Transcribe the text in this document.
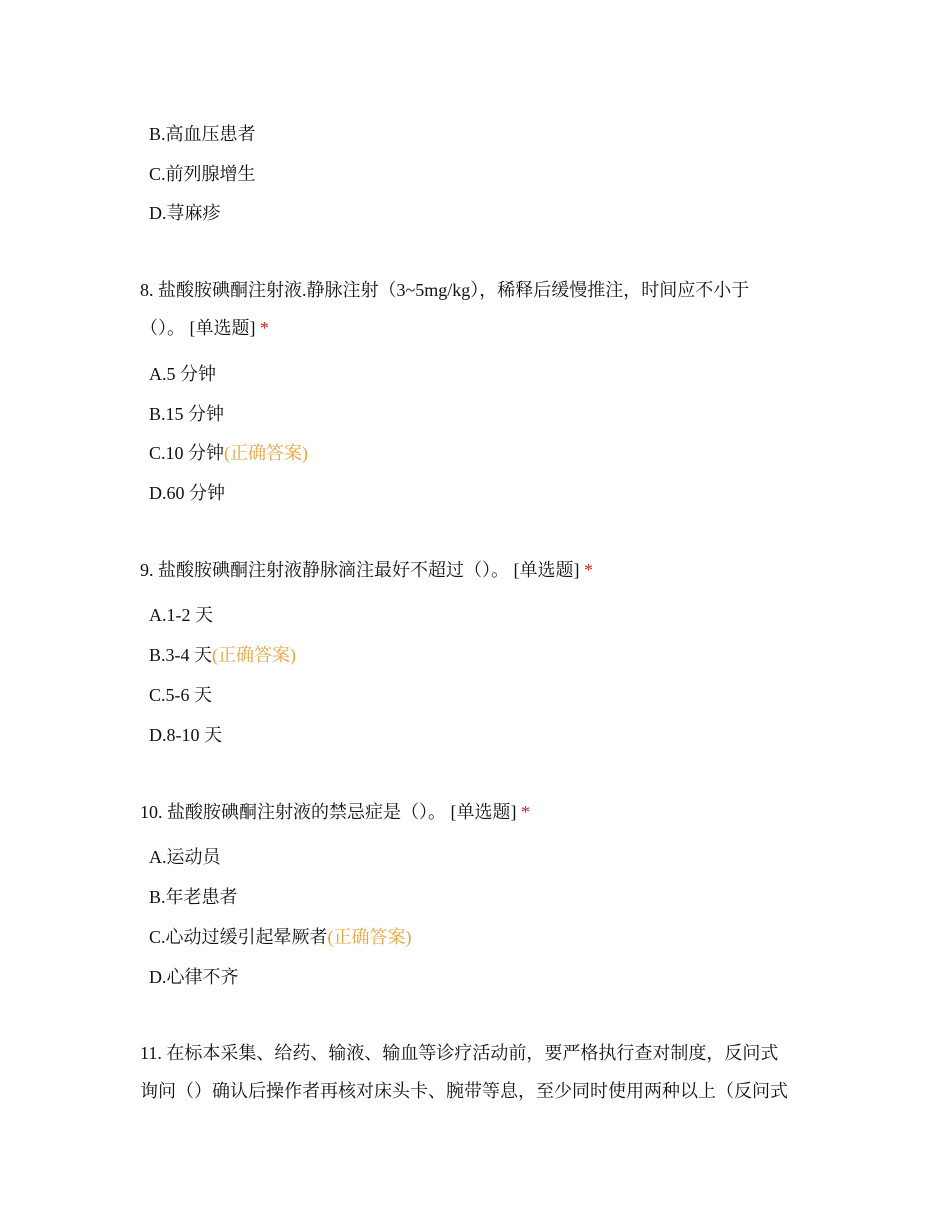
B.高血压患者
C.前列腺增生
D.荨麻疹
8. 盐酸胺碘酮注射液.静脉注射（3~5mg/kg），稀释后缓慢推注，时间应不小于
（）。 [单选题] *
A.5 分钟
B.15 分钟
C.10 分钟(正确答案)
D.60 分钟
9. 盐酸胺碘酮注射液静脉滴注最好不超过（）。 [单选题] *
A.1-2 天
B.3-4 天(正确答案)
C.5-6 天
D.8-10 天
10. 盐酸胺碘酮注射液的禁忌症是（）。 [单选题] *
A.运动员
B.年老患者
C.心动过缓引起晕厥者(正确答案)
D.心律不齐
11. 在标本采集、给药、输液、输血等诊疗活动前，要严格执行查对制度，反问式
询问（）确认后操作者再核对床头卡、腕带等息，至少同时使用两种以上（反问式
